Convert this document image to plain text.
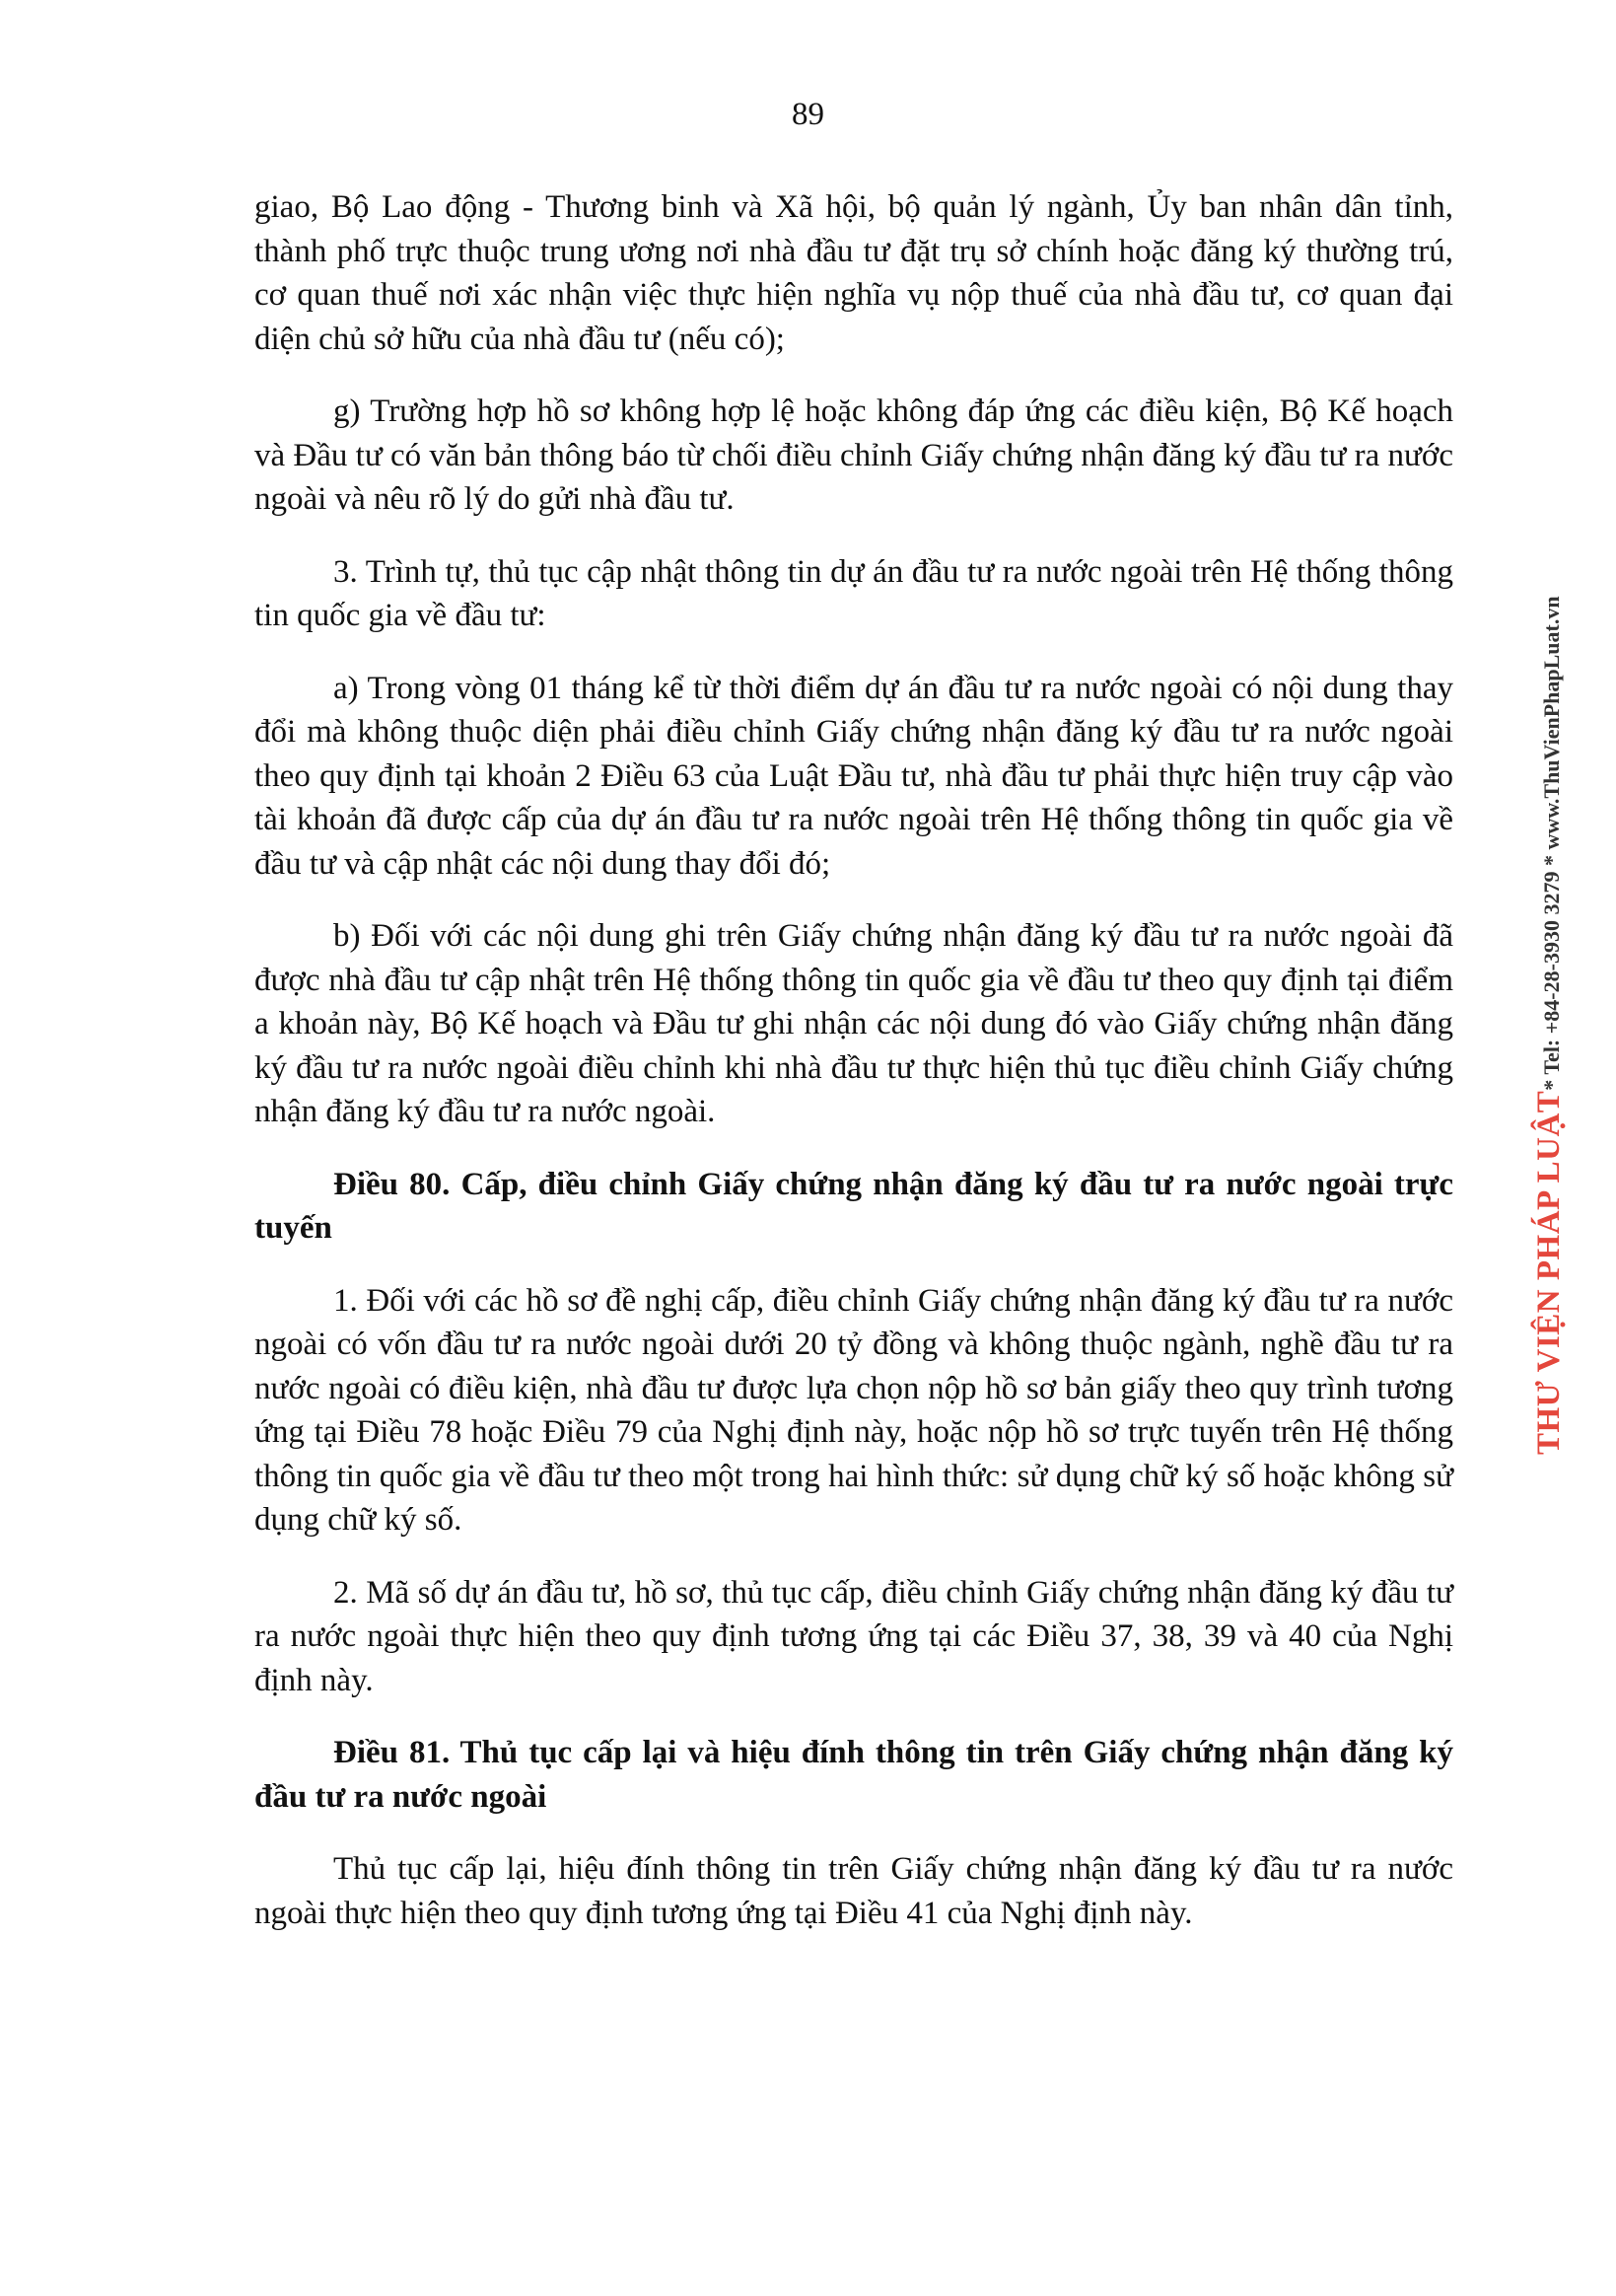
89

giao, Bộ Lao động - Thương binh và Xã hội, bộ quản lý ngành, Ủy ban nhân dân tỉnh, thành phố trực thuộc trung ương nơi nhà đầu tư đặt trụ sở chính hoặc đăng ký thường trú, cơ quan thuế nơi xác nhận việc thực hiện nghĩa vụ nộp thuế của nhà đầu tư, cơ quan đại diện chủ sở hữu của nhà đầu tư (nếu có);

g) Trường hợp hồ sơ không hợp lệ hoặc không đáp ứng các điều kiện, Bộ Kế hoạch và Đầu tư có văn bản thông báo từ chối điều chỉnh Giấy chứng nhận đăng ký đầu tư ra nước ngoài và nêu rõ lý do gửi nhà đầu tư.

3. Trình tự, thủ tục cập nhật thông tin dự án đầu tư ra nước ngoài trên Hệ thống thông tin quốc gia về đầu tư:

a) Trong vòng 01 tháng kể từ thời điểm dự án đầu tư ra nước ngoài có nội dung thay đổi mà không thuộc diện phải điều chỉnh Giấy chứng nhận đăng ký đầu tư ra nước ngoài theo quy định tại khoản 2 Điều 63 của Luật Đầu tư, nhà đầu tư phải thực hiện truy cập vào tài khoản đã được cấp của dự án đầu tư ra nước ngoài trên Hệ thống thông tin quốc gia về đầu tư và cập nhật các nội dung thay đổi đó;

b) Đối với các nội dung ghi trên Giấy chứng nhận đăng ký đầu tư ra nước ngoài đã được nhà đầu tư cập nhật trên Hệ thống thông tin quốc gia về đầu tư theo quy định tại điểm a khoản này, Bộ Kế hoạch và Đầu tư ghi nhận các nội dung đó vào Giấy chứng nhận đăng ký đầu tư ra nước ngoài điều chỉnh khi nhà đầu tư thực hiện thủ tục điều chỉnh Giấy chứng nhận đăng ký đầu tư ra nước ngoài.

Điều 80. Cấp, điều chỉnh Giấy chứng nhận đăng ký đầu tư ra nước ngoài trực tuyến

1. Đối với các hồ sơ đề nghị cấp, điều chỉnh Giấy chứng nhận đăng ký đầu tư ra nước ngoài có vốn đầu tư ra nước ngoài dưới 20 tỷ đồng và không thuộc ngành, nghề đầu tư ra nước ngoài có điều kiện, nhà đầu tư được lựa chọn nộp hồ sơ bản giấy theo quy trình tương ứng tại Điều 78 hoặc Điều 79 của Nghị định này, hoặc nộp hồ sơ trực tuyến trên Hệ thống thông tin quốc gia về đầu tư theo một trong hai hình thức: sử dụng chữ ký số hoặc không sử dụng chữ ký số.

2. Mã số dự án đầu tư, hồ sơ, thủ tục cấp, điều chỉnh Giấy chứng nhận đăng ký đầu tư ra nước ngoài thực hiện theo quy định tương ứng tại các Điều 37, 38, 39 và 40 của Nghị định này.

Điều 81. Thủ tục cấp lại và hiệu đính thông tin trên Giấy chứng nhận đăng ký đầu tư ra nước ngoài

Thủ tục cấp lại, hiệu đính thông tin trên Giấy chứng nhận đăng ký đầu tư ra nước ngoài thực hiện theo quy định tương ứng tại Điều 41 của Nghị định này.

THƯ VIỆN PHÁP LUẬT* Tel: +84-28-3930 3279 * www.ThuVienPhapLuat.vn
